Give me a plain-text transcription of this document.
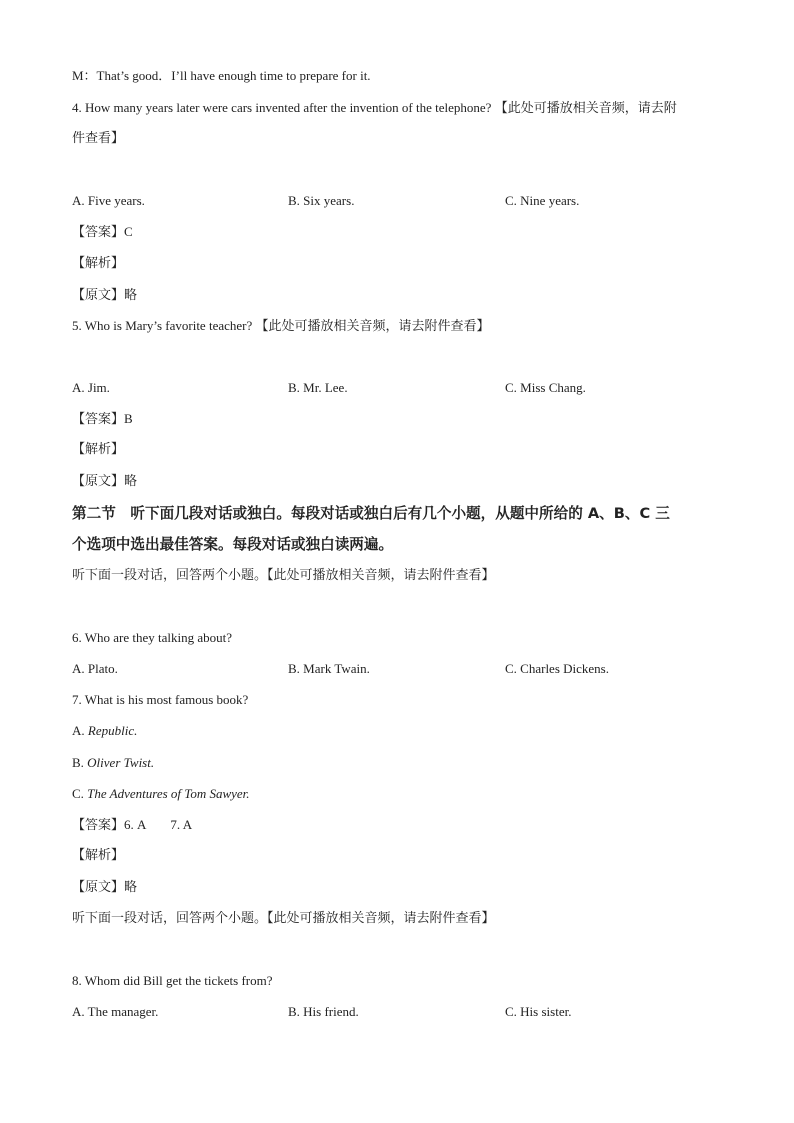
M：That’s good．I’ll have enough time to prepare for it.
4. How many years later were cars invented after the invention of the telephone? 【此处可播放相关音频，请去附
件查看】
A. Five years.	B. Six years.	C. Nine years.
【答案】C
【解析】
【原文】略
5. Who is Mary’s favorite teacher? 【此处可播放相关音频，请去附件查看】
A. Jim.	B. Mr. Lee.	C. Miss Chang.
【答案】B
【解析】
【原文】略
第二节　听下面几段对话或独白。每段对话或独白后有几个小题，从题中所给的 A、B、C 三
个选项中选出最佳答案。每段对话或独白读两遍。
听下面一段对话，回答两个小题。【此处可播放相关音频，请去附件查看】
6. Who are they talking about?
A. Plato.	B. Mark Twain.	C. Charles Dickens.
7. What is his most famous book?
A. Republic.
B. Oliver Twist.
C. The Adventures of Tom Sawyer.
【答案】6. A 7. A
【解析】
【原文】略
听下面一段对话，回答两个小题。【此处可播放相关音频，请去附件查看】
8. Whom did Bill get the tickets from?
A. The manager.	B. His friend.	C. His sister.
